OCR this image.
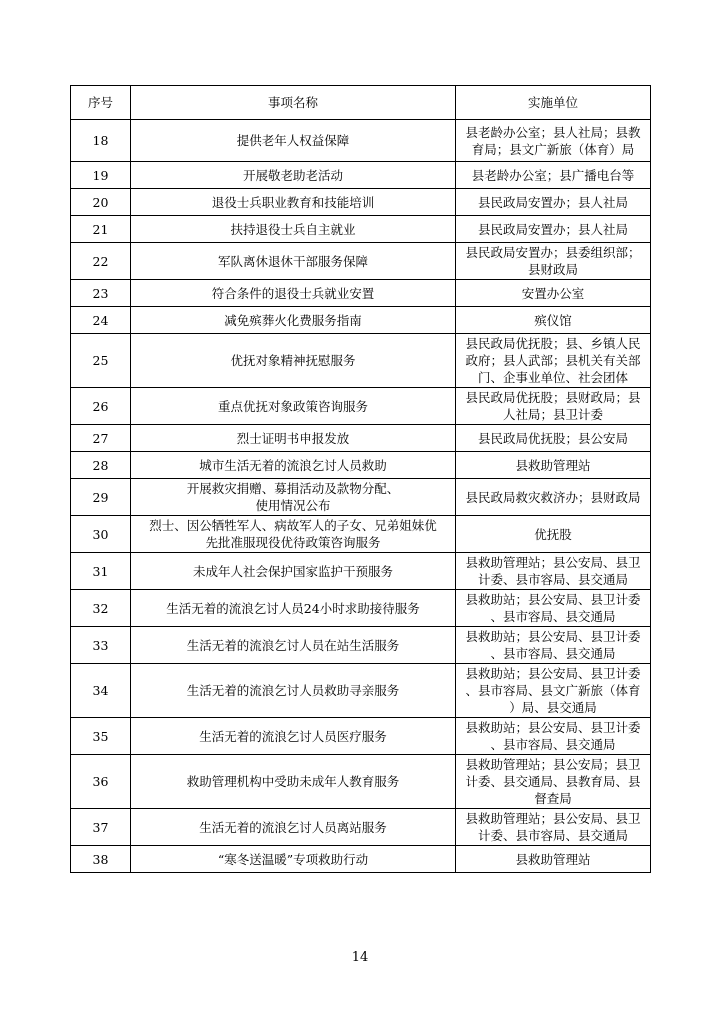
序号	事项名称	实施单位
18	提供老年人权益保障	县老龄办公室；县人社局；县教
育局；县文广新旅（体育）局
19	开展敬老助老活动	县老龄办公室；县广播电台等
20	退役士兵职业教育和技能培训	县民政局安置办；县人社局
21	扶持退役士兵自主就业	县民政局安置办；县人社局
22	军队离休退休干部服务保障	县民政局安置办；县委组织部；
县财政局
23	符合条件的退役士兵就业安置	安置办公室
24	减免殡葬火化费服务指南	殡仪馆
25	优抚对象精神抚慰服务	县民政局优抚股；县、乡镇人民
政府；县人武部；县机关有关部
门、企事业单位、社会团体
26	重点优抚对象政策咨询服务	县民政局优抚股；县财政局；县
人社局；县卫计委
27	烈士证明书申报发放	县民政局优抚股；县公安局
28	城市生活无着的流浪乞讨人员救助	县救助管理站
29	开展救灾捐赠、募捐活动及款物分配、
使用情况公布	县民政局救灾救济办；县财政局
30	烈士、因公牺牲军人、病故军人的子女、兄弟姐妹优
先批准服现役优待政策咨询服务	优抚股
31	未成年人社会保护国家监护干预服务	县救助管理站；县公安局、县卫
计委、县市容局、县交通局
32	生活无着的流浪乞讨人员24小时求助接待服务	县救助站；县公安局、县卫计委
、县市容局、县交通局
33	生活无着的流浪乞讨人员在站生活服务	县救助站；县公安局、县卫计委
、县市容局、县交通局
34	生活无着的流浪乞讨人员救助寻亲服务	县救助站；县公安局、县卫计委
、县市容局、县文广新旅（体育
）局、县交通局
35	生活无着的流浪乞讨人员医疗服务	县救助站；县公安局、县卫计委
、县市容局、县交通局
36	救助管理机构中受助未成年人教育服务	县救助管理站；县公安局；县卫
计委、县交通局、县教育局、县
督查局
37	生活无着的流浪乞讨人员离站服务	县救助管理站；县公安局、县卫
计委、县市容局、县交通局
38	“寒冬送温暖”专项救助行动	县救助管理站
14
